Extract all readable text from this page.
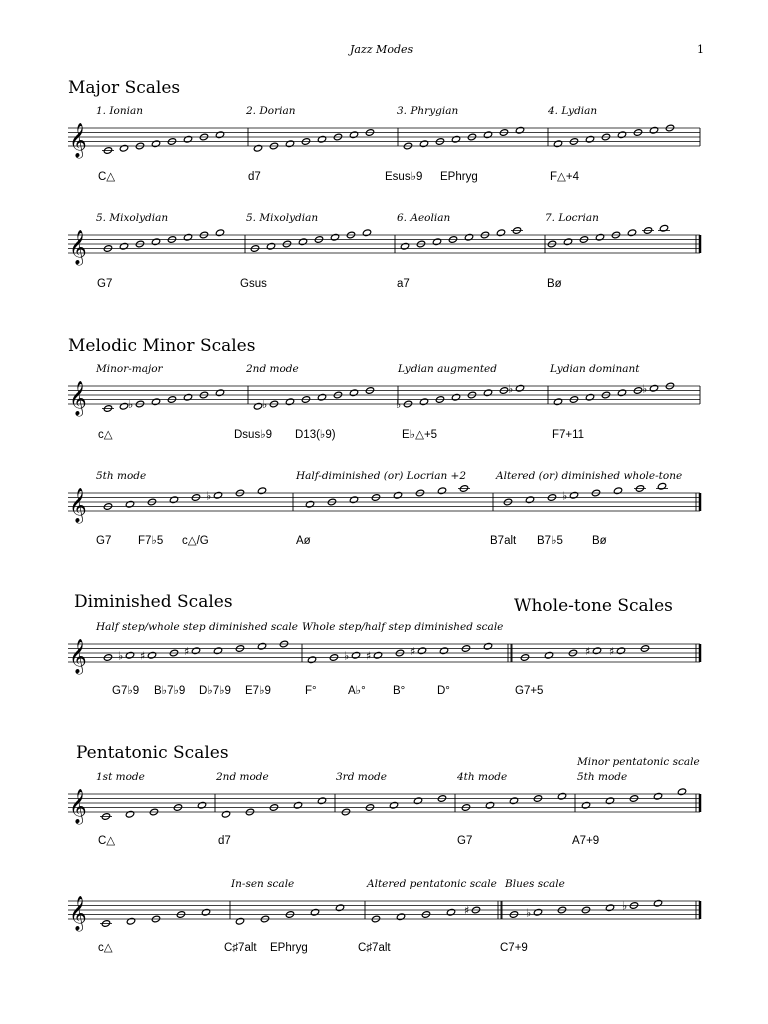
Jazz Modes	1
Major Scales
Melodic Minor Scales
Diminished Scales	Whole-tone Scales
Pentatonic Scales
1. Ionian	2. Dorian	3. Phrygian	4. Lydian
5. Mixolydian	5. Mixolydian	6. Aeolian	7. Locrian
Minor-major	2nd mode	Lydian augmented	Lydian dominant
5th mode	Half-diminished (or) Locrian +2	Altered (or) diminished whole-tone
Half step/whole step diminished scale Whole step/half step diminished scale
Minor pentatonic scale
1st mode	2nd mode	3rd mode	4th mode	5th mode
In-sen scale	Altered pentatonic scale Blues scale
C△	d7	Esus♭9 EPhryg	F△+4
G7	Gsus	a7	Bø
c△	Dsus♭9 D13(♭9)	E♭△+5	F7+11
G7 F7♭5 c△/G	Aø	B7alt B7♭5	Bø
G7♭9 B♭7♭9 D♭7♭9 E7♭9	F°	A♭° B°	D°	G7+5
C△	d7	G7	A7+9
c△	C♯7alt EPhryg	C♯7alt	C7+9
𝄞
𝄞
𝄞	♭	♭	♭
♭	♭
𝄞	♭	♭
𝄞	♭ ♯	♯	♭ ♯	♯	♯ ♯
𝄞
𝄞	♯	♭
♭
